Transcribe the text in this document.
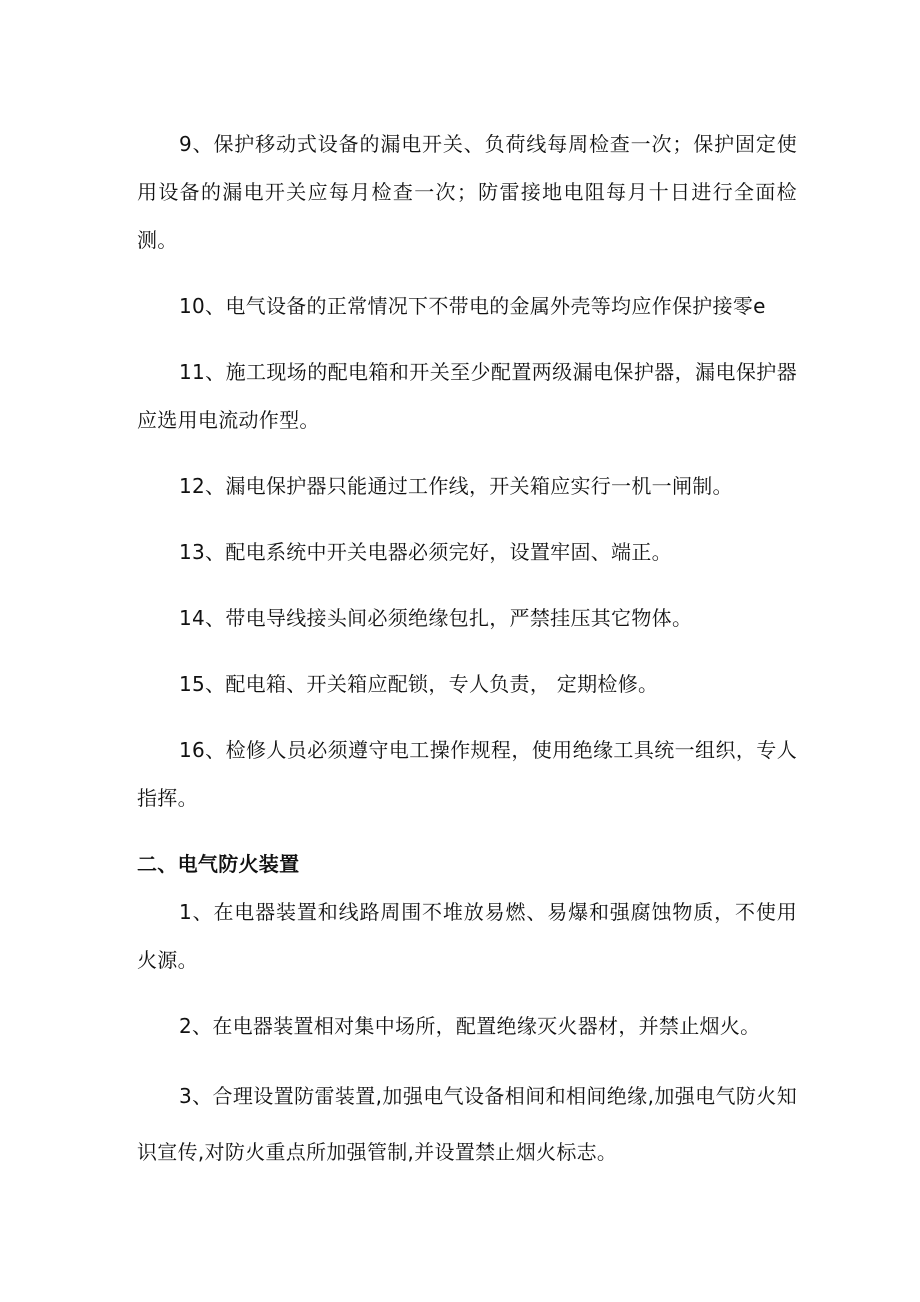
9、保护移动式设备的漏电开关、负荷线每周检查一次；保护固定使用设备的漏电开关应每月检查一次；防雷接地电阻每月十日进行全面检测。

10、电气设备的正常情况下不带电的金属外壳等均应作保护接零e

11、施工现场的配电箱和开关至少配置两级漏电保护器，漏电保护器应选用电流动作型。

12、漏电保护器只能通过工作线，开关箱应实行一机一闸制。

13、配电系统中开关电器必须完好，设置牢固、端正。

14、带电导线接头间必须绝缘包扎，严禁挂压其它物体。

15、配电箱、开关箱应配锁，专人负责， 定期检修。

16、检修人员必须遵守电工操作规程，使用绝缘工具统一组织，专人指挥。

二、电气防火装置

1、在电器装置和线路周围不堆放易燃、易爆和强腐蚀物质，不使用火源。

2、在电器装置相对集中场所，配置绝缘灭火器材，并禁止烟火。

3、合理设置防雷装置,加强电气设备相间和相间绝缘,加强电气防火知识宣传,对防火重点所加强管制,并设置禁止烟火标志。
